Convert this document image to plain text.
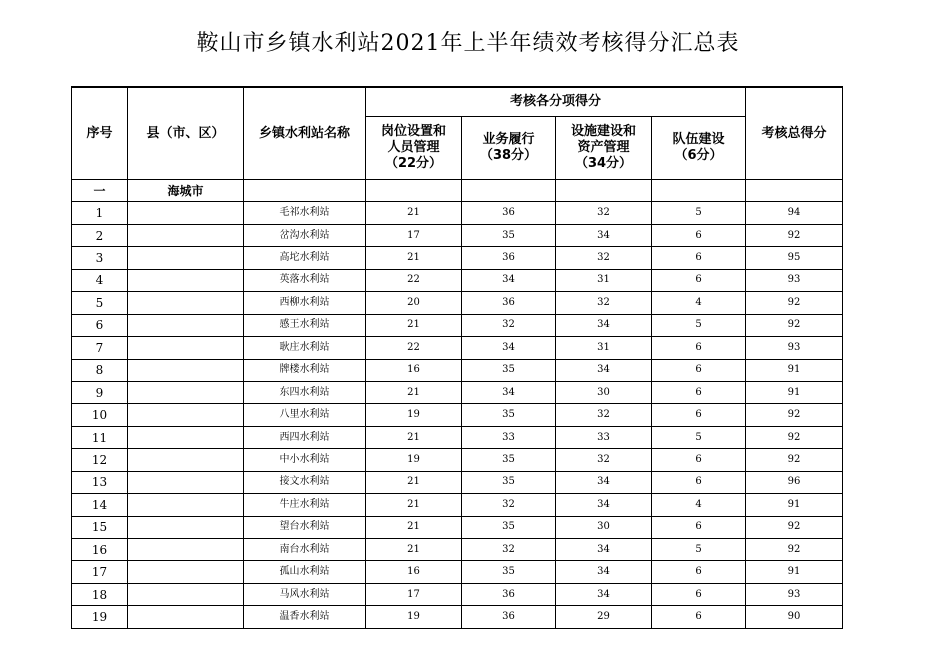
鞍山市乡镇水利站2021年上半年绩效考核得分汇总表
序号	县（市、区）	乡镇水利站名称	考核各分项得分				考核总得分

			岗位设置和
人员管理
（22分）	业务履行
（38分）	设施建设和
资产管理
（34分）	队伍建设
（6分）	

一	海城市						
1		毛祁水利站	21	36	32	5	94
2		岔沟水利站	17	35	34	6	92
3		高坨水利站	21	36	32	6	95
4		英落水利站	22	34	31	6	93
5		西柳水利站	20	36	32	4	92
6		感王水利站	21	32	34	5	92
7		耿庄水利站	22	34	31	6	93
8		牌楼水利站	16	35	34	6	91
9		东四水利站	21	34	30	6	91
10		八里水利站	19	35	32	6	92
11		西四水利站	21	33	33	5	92
12		中小水利站	19	35	32	6	92
13		接文水利站	21	35	34	6	96
14		牛庄水利站	21	32	34	4	91
15		望台水利站	21	35	30	6	92
16		南台水利站	21	32	34	5	92
17		孤山水利站	16	35	34	6	91
18		马风水利站	17	36	34	6	93
19		温香水利站	19	36	29	6	90
